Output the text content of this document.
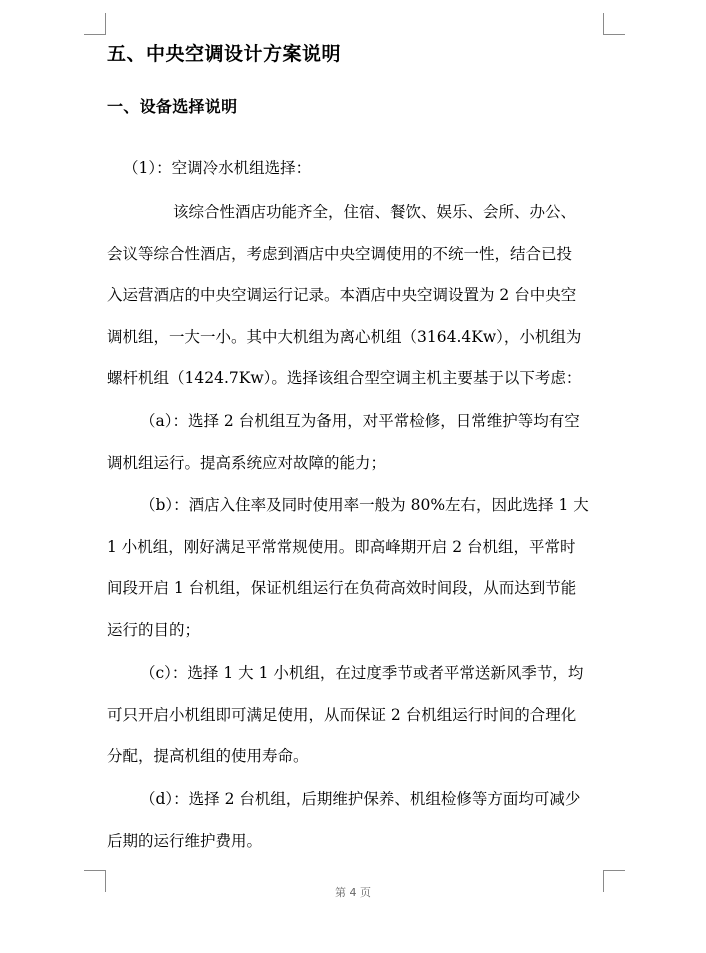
五、中央空调设计方案说明
一、设备选择说明
（1）：空调冷水机组选择：
该综合性酒店功能齐全，住宿、餐饮、娱乐、会所、办公、
会议等综合性酒店，考虑到酒店中央空调使用的不统一性，结合已投
入运营酒店的中央空调运行记录。本酒店中央空调设置为 2 台中央空
调机组，一大一小。其中大机组为离心机组（3164.4Kw），小机组为
螺杆机组（1424.7Kw）。选择该组合型空调主机主要基于以下考虑：
（a）：选择 2 台机组互为备用，对平常检修，日常维护等均有空
调机组运行。提高系统应对故障的能力；
（b）：酒店入住率及同时使用率一般为 80%左右，因此选择 1 大
1 小机组，刚好满足平常常规使用。即高峰期开启 2 台机组，平常时
间段开启 1 台机组，保证机组运行在负荷高效时间段，从而达到节能
运行的目的；
（c）：选择 1 大 1 小机组，在过度季节或者平常送新风季节，均
可只开启小机组即可满足使用，从而保证 2 台机组运行时间的合理化
分配，提高机组的使用寿命。
（d）：选择 2 台机组，后期维护保养、机组检修等方面均可减少
后期的运行维护费用。
第 4 页
